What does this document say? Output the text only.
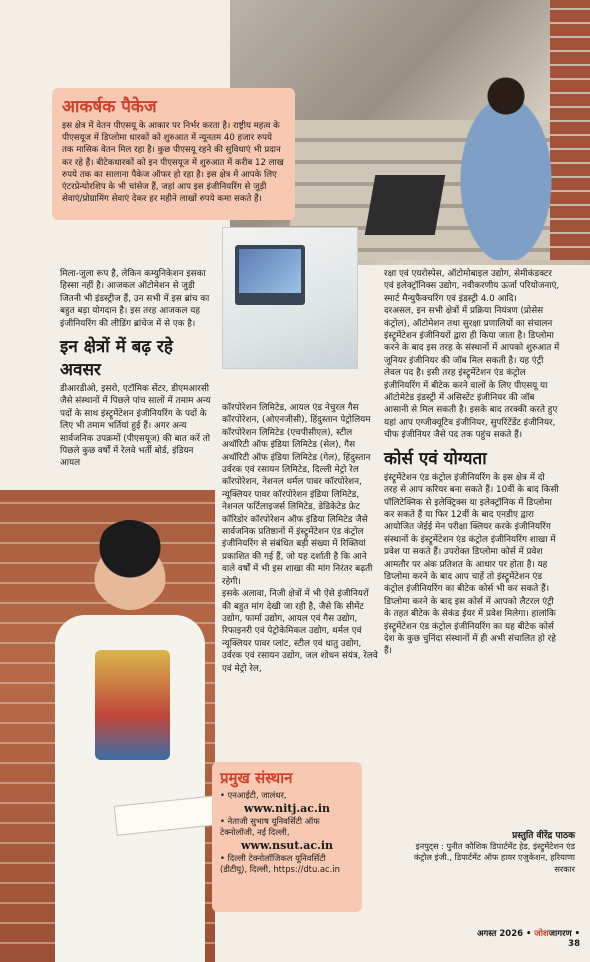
आकर्षक पैकेज

इस क्षेत्र में वेतन पीएसयू के आकार पर निर्भर करता है। राष्ट्रीय महत्व के पीएसयूज में डिप्लोमा धारकों को शुरुआत में न्यूनतम 40 हजार रुपये तक मासिक वेतन मिल रहा है। कुछ पीएसयू रहने की सुविधाएं भी प्रदान कर रहे हैं। बीटेकधारकों को इन पीएसयूज में शुरुआत में करीब 12 लाख रुपये तक का सालाना पैकेज ऑफर हो रहा है। इस क्षेत्र में आपके लिए एंटरप्रेन्योरशिप के भी चांसेज हैं, जहां आप इस इंजीनियरिंग से जुड़ी सेवाएं/प्रोग्रामिंग सेवाएं देकर हर महीने लाखों रुपये कमा सकते हैं।

मिला-जुला रूप है, लेकिन कम्युनिकेशन इसका हिस्सा नहीं है। आजकल ऑटोमेशन से जुड़ी जितनी भी इंडस्ट्रीज हैं, उन सभी में इस ब्रांच का बहुत बड़ा योगदान है। इस तरह आजकल यह इंजीनियरिंग की लीडिंग ब्रांचेज में से एक है।

इन क्षेत्रों में बढ़ रहे अवसर

डीआरडीओ, इसरो, एटॉमिक सेंटर, डीएमआरसी जैसे संस्थानों में पिछले पांच सालों में तमाम अन्य पदों के साथ इंस्ट्रूमेंटेशन इंजीनियरिंग के पदों के लिए भी तमाम भर्तियां हुई हैं। अगर अन्य सार्वजनिक उपक्रमों (पीएसयूज) की बात करें तो पिछले कुछ वर्षों में रेलवे भर्ती बोर्ड, इंडियन आयल

कॉरपोरेशन लिमिटेड, आयल एंड नेचुरल गैस कॉरपोरेशन, (ओएनजीसी), हिंदुस्तान पेट्रोलियम कॉरपोरेशन लिमिटेड (एचपीसीएल), स्टील अथॉरिटी ऑफ इंडिया लिमिटेड (सेल), गैस अथॉरिटी ऑफ इंडिया लिमिटेड (गेल), हिंदुस्तान उर्वरक एवं रसायन लिमिटेड, दिल्ली मेट्रो रेल कॉरपोरेशन, नेशनल थर्मल पावर कॉरपोरेशन, न्यूक्लियर पावर कॉरपोरेशन इंडिया लिमिटेड, नेशनल फर्टिलाइजर्स लिमिटेड, डेडिकेटेड फ्रेट कॉरिडोर कॉरपोरेशन ऑफ इंडिया लिमिटेड जैसे सार्वजनिक प्रतिष्ठानों में इंस्ट्रूमेंटेशन एंड कंट्रोल इंजीनियरिंग से संबंधित बड़ी संख्या में रिक्तियां प्रकाशित की गई हैं, जो यह दर्शाती है कि आने वाले वर्षों में भी इस शाखा की मांग निरंतर बढ़ती रहेगी।

इसके अलावा, निजी क्षेत्रों में भी ऐसे इंजीनियरों की बहुत मांग देखी जा रही है, जैसे कि सीमेंट उद्योग, फार्मा उद्योग, आयल एवं गैस उद्योग, रिफाइनरी एवं पेट्रोकेमिकल उद्योग, थर्मल एवं न्यूक्लियर पावर प्लांट, स्टील एवं धातु उद्योग, उर्वरक एवं रसायन उद्योग, जल शोधन संयंत्र, रेलवे एवं मेट्रो रेल,

प्रमुख संस्थान

• एनआईटी, जालंधर,

www.nitj.ac.in

• नेताजी सुभाष यूनिवर्सिटी ऑफ टेक्नोलॉजी, नई दिल्ली,

www.nsut.ac.in

• दिल्ली टेक्नोलॉजिकल यूनिवर्सिटी (डीटीयू), दिल्ली, https://dtu.ac.in

रक्षा एवं एयरोस्पेस, ऑटोमोबाइल उद्योग, सेमीकंडक्टर एवं इलेक्ट्रॉनिक्स उद्योग, नवीकरणीय ऊर्जा परियोजनाएं, स्मार्ट मैन्युफैक्चरिंग एवं इंडस्ट्री 4.0 आदि।

दरअसल, इन सभी क्षेत्रों में प्रक्रिया नियंत्रण (प्रोसेस कंट्रोल), ऑटोमेशन तथा सुरक्षा प्रणालियों का संचालन इंस्ट्रूमेंटेशन इंजीनियरों द्वारा ही किया जाता है। डिप्लोमा करने के बाद इस तरह के संस्थानों में आपको शुरुआत में जूनियर इंजीनियर की जॉब मिल सकती है। यह एंट्री लेवल पद है। इसी तरह इंस्ट्रूमेंटेशन एंड कंट्रोल इंजीनियरिंग में बीटेक करने वालों के लिए पीएसयू या ऑटोमेटेड इंडस्ट्री में असिस्टेंट इंजीनियर की जॉब आसानी से मिल सकती है। इसके बाद तरक्की करते हुए यहां आप एग्जीक्यूटिव इंजीनियर, सुपरिंटेंडेंट इंजीनियर, चीफ इंजीनियर जैसे पद तक पहुंच सकते हैं।

कोर्स एवं योग्यता

इंस्ट्रूमेंटेशन एंड कंट्रोल इंजीनियरिंग के इस क्षेत्र में दो तरह से आप करियर बना सकते हैं। 10वीं के बाद किसी पॉलिटेक्निक से इलेक्ट्रिक्स या इलेक्ट्रॉनिक में डिप्लोमा कर सकते हैं या फिर 12वीं के बाद एनडीए द्वारा आयोजित जेईई मेन परीक्षा क्लियर करके इंजीनियरिंग संस्थानों के इंस्ट्रूमेंटेशन एंड कंट्रोल इंजीनियरिंग शाखा में प्रवेश पा सकते हैं। उपरोक्त डिप्लोमा कोर्स में प्रवेश आमतौर पर अंक प्रतिशत के आधार पर होता है। यह डिप्लोमा करने के बाद आप चाहें तो इंस्ट्रूमेंटेशन एंड कंट्रोल इंजीनियरिंग का बीटेक कोर्स भी कर सकते हैं। डिप्लोमा करने के बाद इस कोर्स में आपको लैटरल एंट्री के तहत बीटेक के सेकंड ईयर में प्रवेश मिलेगा। हालांकि इंस्ट्रूमेंटेशन एंड कंट्रोल इंजीनियरिंग का यह बीटेक कोर्स देश के कुछ चुनिंदा संस्थानों में ही अभी संचालित हो रहे हैं।

प्रस्तुति वीरेंद्र पाठक

इनपुट्स : पुनीत कौशिक डिपार्टमेंट हेड, इंस्ट्रूमेंटेशन एंड कंट्रोल इंजी., डिपार्टमेंट ऑफ हायर एजुकेशन, हरियाणा सरकार

अगस्त 2026 • जोशजागरण • 38
